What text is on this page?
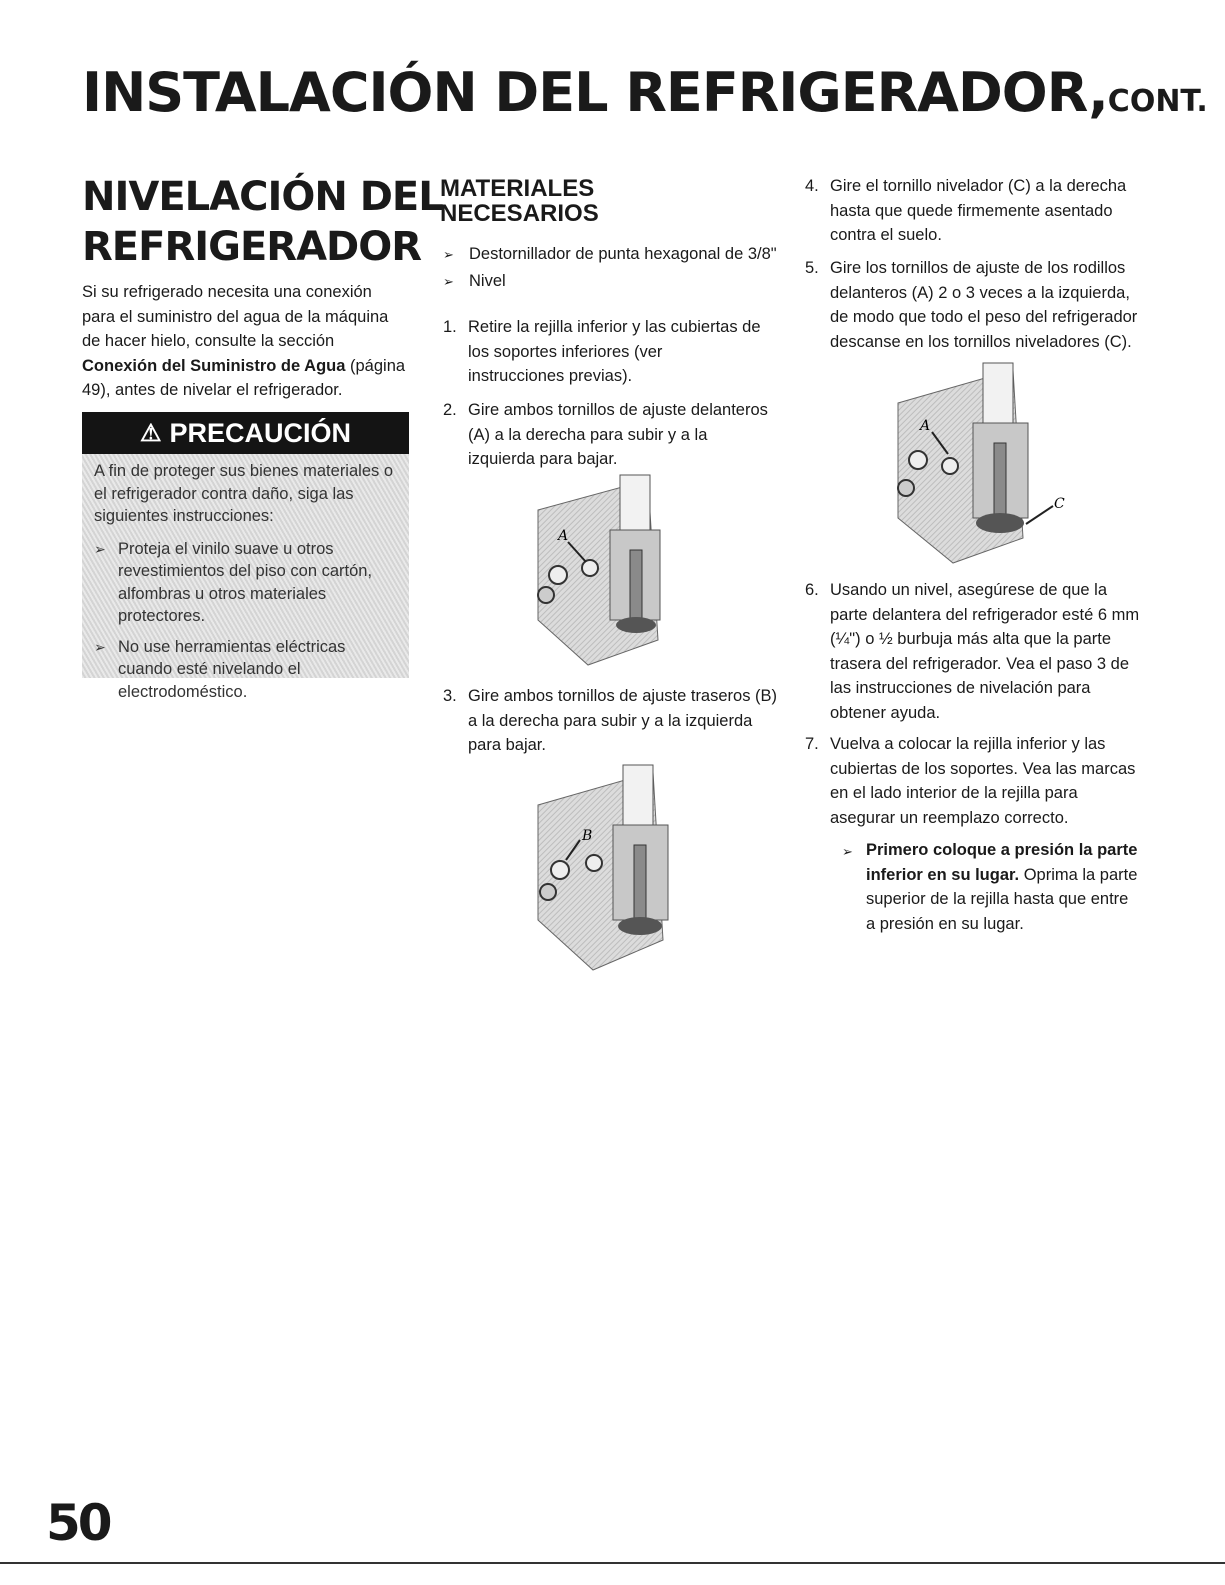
INSTALACIÓN DEL REFRIGERADOR,CONT.
NIVELACIÓN DEL
REFRIGERADOR

Si su refrigerado necesita una conexión para el suministro del agua de la máquina de hacer hielo, consulte la sección Conexión del Suministro de Agua (página 49), antes de nivelar el refrigerador.

⚠ PRECAUCIÓN

A fin de proteger sus bienes materiales o el refrigerador contra daño, siga las siguientes instrucciones:

➢ Proteja el vinilo suave u otros revestimientos del piso con cartón, alfombras u otros materiales protectores.
➢ No use herramientas eléctricas cuando esté nivelando el electrodoméstico.
MATERIALES
NECESARIOS
➢ Destornillador de punta hexagonal de 3/8"
➢ Nivel

1. Retire la rejilla inferior y las cubiertas de los soportes inferiores (ver instrucciones previas).

2. Gire ambos tornillos de ajuste delanteros (A) a la derecha para subir y a la izquierda para bajar.

A

3. Gire ambos tornillos de ajuste traseros (B) a la derecha para subir y a la izquierda para bajar.

B

4. Gire el tornillo nivelador (C) a la derecha hasta que quede firmemente asentado contra el suelo.

5. Gire los tornillos de ajuste de los rodillos delanteros (A) 2 o 3 veces a la izquierda, de modo que todo el peso del refrigerador descanse en los tornillos niveladores (C).

A
C

6. Usando un nivel, asegúrese de que la parte delantera del refrigerador esté 6 mm (¼") o ½ burbuja más alta que la parte trasera del refrigerador. Vea el paso 3 de las instrucciones de nivelación para obtener ayuda.

7. Vuelva a colocar la rejilla inferior y las cubiertas de los soportes. Vea las marcas en el lado interior de la rejilla para asegurar un reemplazo correcto.

➢ Primero coloque a presión la parte inferior en su lugar. Oprima la parte superior de la rejilla hasta que entre a presión en su lugar.

50
